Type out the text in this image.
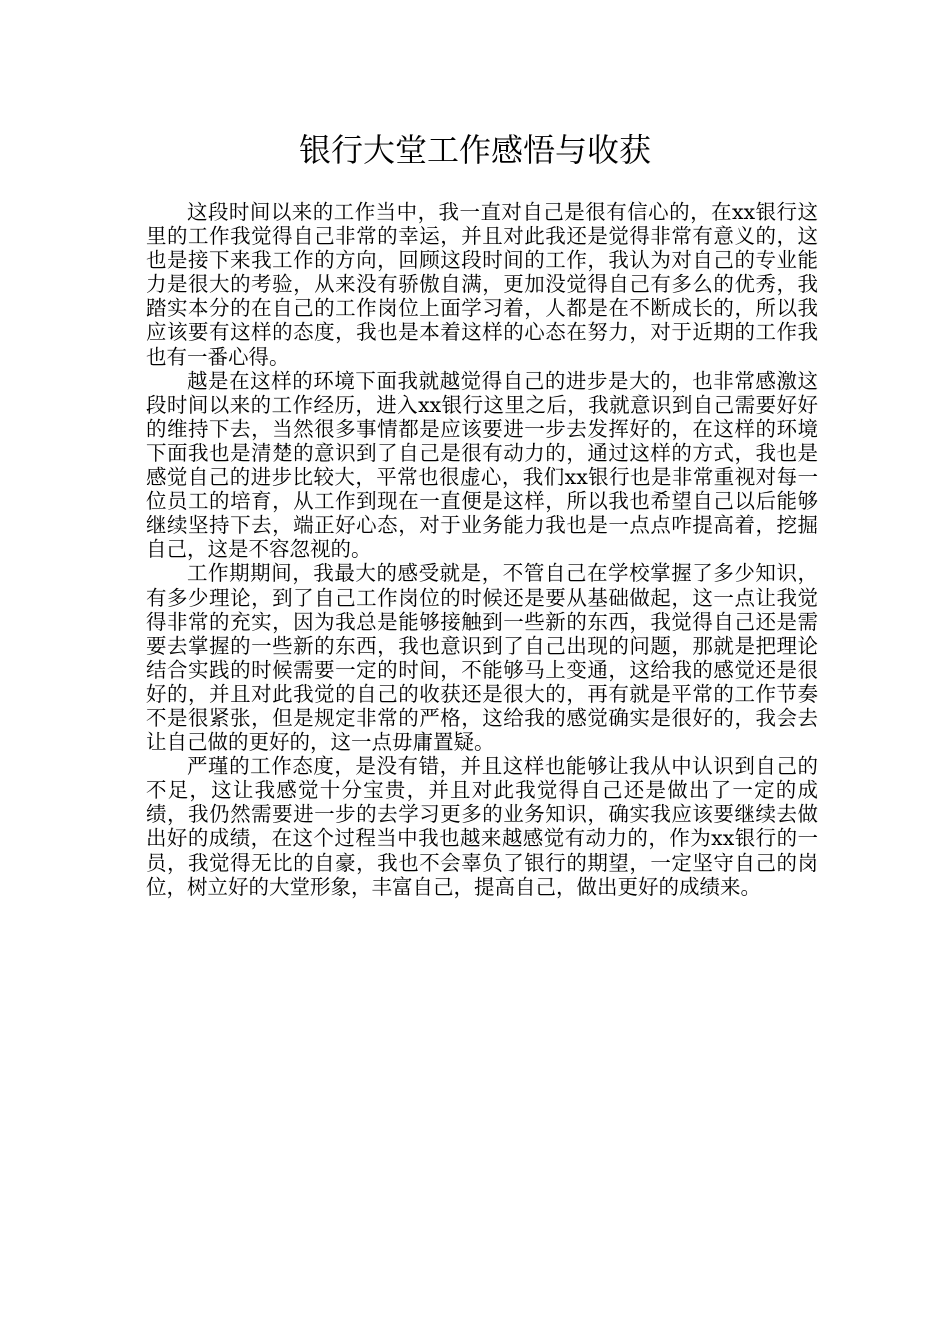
银行大堂工作感悟与收获

这段时间以来的工作当中，我一直对自己是很有信心的，在xx银行这里的工作我觉得自己非常的幸运，并且对此我还是觉得非常有意义的，这也是接下来我工作的方向，回顾这段时间的工作，我认为对自己的专业能力是很大的考验，从来没有骄傲自满，更加没觉得自己有多么的优秀，我踏实本分的在自己的工作岗位上面学习着，人都是在不断成长的，所以我应该要有这样的态度，我也是本着这样的心态在努力，对于近期的工作我也有一番心得。

越是在这样的环境下面我就越觉得自己的进步是大的，也非常感激这段时间以来的工作经历，进入xx银行这里之后，我就意识到自己需要好好的维持下去，当然很多事情都是应该要进一步去发挥好的，在这样的环境下面我也是清楚的意识到了自己是很有动力的，通过这样的方式，我也是感觉自己的进步比较大，平常也很虚心，我们xx银行也是非常重视对每一位员工的培育，从工作到现在一直便是这样，所以我也希望自己以后能够继续坚持下去，端正好心态，对于业务能力我也是一点点咋提高着，挖掘自己，这是不容忽视的。

工作期期间，我最大的感受就是，不管自己在学校掌握了多少知识，有多少理论，到了自己工作岗位的时候还是要从基础做起，这一点让我觉得非常的充实，因为我总是能够接触到一些新的东西，我觉得自己还是需要去掌握的一些新的东西，我也意识到了自己出现的问题，那就是把理论结合实践的时候需要一定的时间，不能够马上变通，这给我的感觉还是很好的，并且对此我觉的自己的收获还是很大的，再有就是平常的工作节奏不是很紧张，但是规定非常的严格，这给我的感觉确实是很好的，我会去让自己做的更好的，这一点毋庸置疑。

严瑾的工作态度，是没有错，并且这样也能够让我从中认识到自己的不足，这让我感觉十分宝贵，并且对此我觉得自己还是做出了一定的成绩，我仍然需要进一步的去学习更多的业务知识，确实我应该要继续去做出好的成绩，在这个过程当中我也越来越感觉有动力的，作为xx银行的一员，我觉得无比的自豪，我也不会辜负了银行的期望，一定坚守自己的岗位，树立好的大堂形象，丰富自己，提高自己，做出更好的成绩来。
